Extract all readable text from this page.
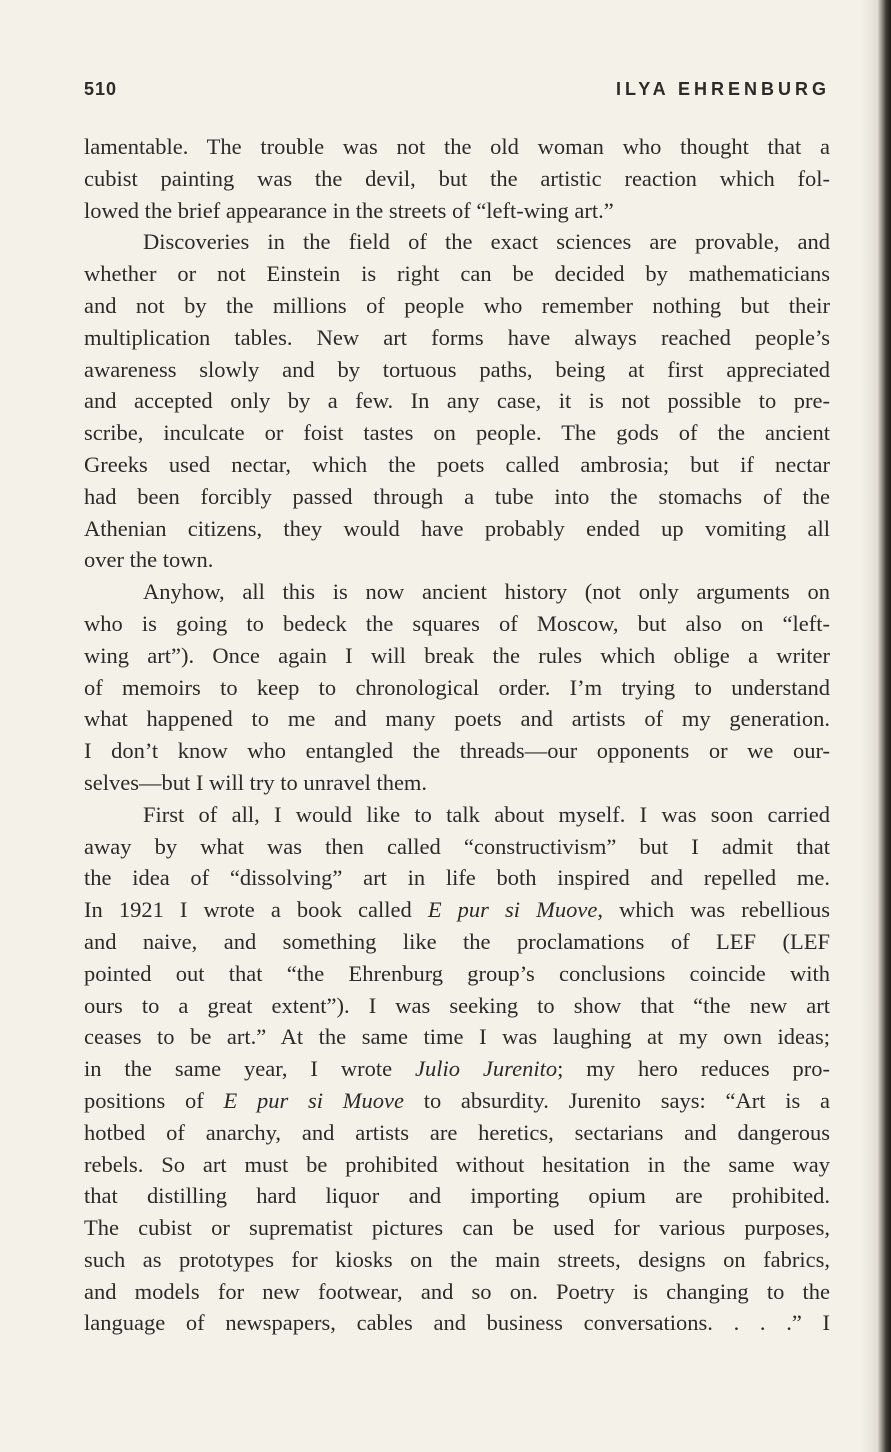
510	ILYA EHRENBURG
lamentable. The trouble was not the old woman who thought that a
cubist painting was the devil, but the artistic reaction which fol-
lowed the brief appearance in the streets of “left-wing art.”
Discoveries in the field of the exact sciences are provable, and
whether or not Einstein is right can be decided by mathematicians
and not by the millions of people who remember nothing but their
multiplication tables. New art forms have always reached people’s
awareness slowly and by tortuous paths, being at first appreciated
and accepted only by a few. In any case, it is not possible to pre-
scribe, inculcate or foist tastes on people. The gods of the ancient
Greeks used nectar, which the poets called ambrosia; but if nectar
had been forcibly passed through a tube into the stomachs of the
Athenian citizens, they would have probably ended up vomiting all
over the town.
Anyhow, all this is now ancient history (not only arguments on
who is going to bedeck the squares of Moscow, but also on “left-
wing art”). Once again I will break the rules which oblige a writer
of memoirs to keep to chronological order. I’m trying to understand
what happened to me and many poets and artists of my generation.
I don’t know who entangled the threads—our opponents or we our-
selves—but I will try to unravel them.
First of all, I would like to talk about myself. I was soon carried
away by what was then called “constructivism” but I admit that
the idea of “dissolving” art in life both inspired and repelled me.
In 1921 I wrote a book called E pur si Muove, which was rebellious
and naive, and something like the proclamations of LEF (LEF
pointed out that “the Ehrenburg group’s conclusions coincide with
ours to a great extent”). I was seeking to show that “the new art
ceases to be art.” At the same time I was laughing at my own ideas;
in the same year, I wrote Julio Jurenito; my hero reduces pro-
positions of E pur si Muove to absurdity. Jurenito says: “Art is a
hotbed of anarchy, and artists are heretics, sectarians and dangerous
rebels. So art must be prohibited without hesitation in the same way
that distilling hard liquor and importing opium are prohibited.
The cubist or suprematist pictures can be used for various purposes,
such as prototypes for kiosks on the main streets, designs on fabrics,
and models for new footwear, and so on. Poetry is changing to the
language of newspapers, cables and business conversations. . . .” I
